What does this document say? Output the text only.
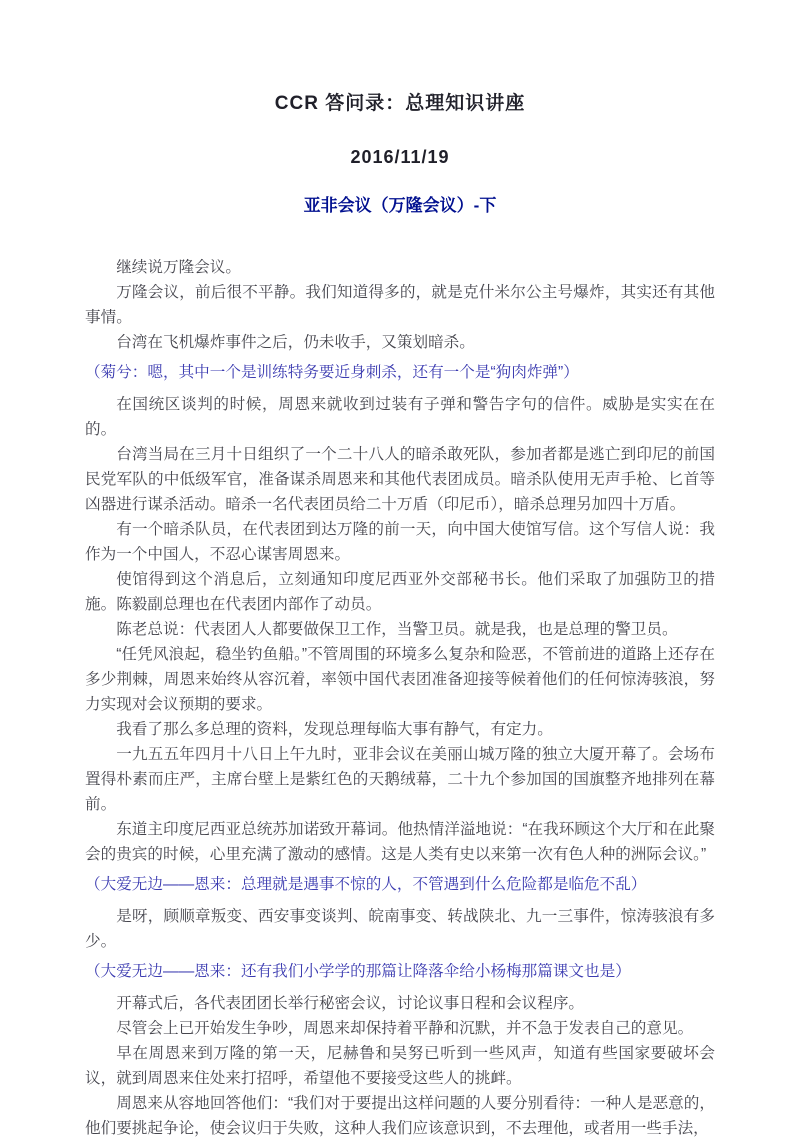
CCR 答问录：总理知识讲座
2016/11/19
亚非会议（万隆会议）-下

继续说万隆会议。

万隆会议，前后很不平静。我们知道得多的，就是克什米尔公主号爆炸，其实还有其他事情。

台湾在飞机爆炸事件之后，仍未收手，又策划暗杀。

（菊兮：嗯，其中一个是训练特务要近身刺杀，还有一个是“狗肉炸弹”）

在国统区谈判的时候，周恩来就收到过装有子弹和警告字句的信件。威胁是实实在在的。

台湾当局在三月十日组织了一个二十八人的暗杀敢死队，参加者都是逃亡到印尼的前国民党军队的中低级军官，准备谋杀周恩来和其他代表团成员。暗杀队使用无声手枪、匕首等凶器进行谋杀活动。暗杀一名代表团员给二十万盾（印尼币），暗杀总理另加四十万盾。

有一个暗杀队员，在代表团到达万隆的前一天，向中国大使馆写信。这个写信人说：我作为一个中国人，不忍心谋害周恩来。

使馆得到这个消息后，立刻通知印度尼西亚外交部秘书长。他们采取了加强防卫的措施。陈毅副总理也在代表团内部作了动员。

陈老总说：代表团人人都要做保卫工作，当警卫员。就是我，也是总理的警卫员。

“任凭风浪起，稳坐钓鱼船。”不管周围的环境多么复杂和险恶，不管前进的道路上还存在多少荆棘，周恩来始终从容沉着，率领中国代表团准备迎接等候着他们的任何惊涛骇浪，努力实现对会议预期的要求。

我看了那么多总理的资料，发现总理每临大事有静气，有定力。

一九五五年四月十八日上午九时，亚非会议在美丽山城万隆的独立大厦开幕了。会场布置得朴素而庄严，主席台壁上是紫红色的天鹅绒幕，二十九个参加国的国旗整齐地排列在幕前。

东道主印度尼西亚总统苏加诺致开幕词。他热情洋溢地说：“在我环顾这个大厅和在此聚会的贵宾的时候，心里充满了激动的感情。这是人类有史以来第一次有色人种的洲际会议。”

（大爱无边——恩来：总理就是遇事不惊的人，不管遇到什么危险都是临危不乱）

是呀，顾顺章叛变、西安事变谈判、皖南事变、转战陕北、九一三事件，惊涛骇浪有多少。

（大爱无边——恩来：还有我们小学学的那篇让降落伞给小杨梅那篇课文也是）

开幕式后，各代表团团长举行秘密会议，讨论议事日程和会议程序。

尽管会上已开始发生争吵，周恩来却保持着平静和沉默，并不急于发表自己的意见。

早在周恩来到万隆的第一天，尼赫鲁和吴努已听到一些风声，知道有些国家要破坏会议，就到周恩来住处来打招呼，希望他不要接受这些人的挑衅。

周恩来从容地回答他们：“我们对于要提出这样问题的人要分别看待：一种人是恶意的，他们要挑起争论，使会议归于失败，这种人我们应该意识到，不去理他，或者用一些手法，
